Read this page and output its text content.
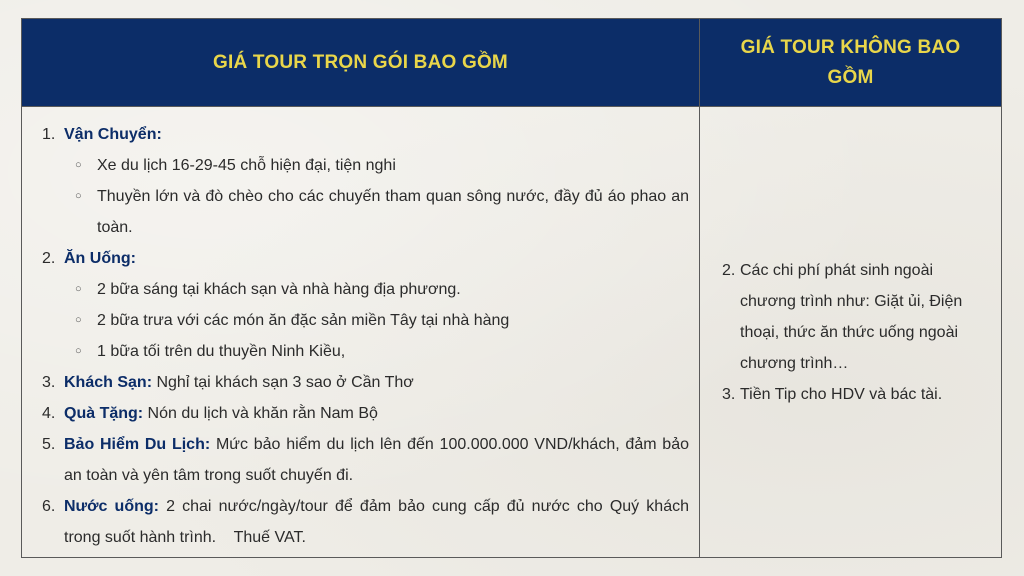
GIÁ TOUR TRỌN GÓI BAO GỒM
GIÁ TOUR KHÔNG BAO GỒM
1. Vận Chuyển:
○ Xe du lịch 16-29-45 chỗ hiện đại, tiện nghi
○ Thuyền lớn và đò chèo cho các chuyến tham quan sông nước, đầy đủ áo phao an toàn.
2. Ăn Uống:
○ 2 bữa sáng tại khách sạn và nhà hàng địa phương.
○ 2 bữa trưa với các món ăn đặc sản miền Tây tại nhà hàng
○ 1 bữa tối trên du thuyền Ninh Kiều,
3. Khách Sạn: Nghỉ tại khách sạn 3 sao ở Cần Thơ
4. Quà Tặng: Nón du lịch và khăn rằn Nam Bộ
5. Bảo Hiểm Du Lịch: Mức bảo hiểm du lịch lên đến 100.000.000 VND/khách, đảm bảo an toàn và yên tâm trong suốt chuyến đi.
6. Nước uống: 2 chai nước/ngày/tour để đảm bảo cung cấp đủ nước cho Quý khách trong suốt hành trình.    Thuế VAT.
2. Các chi phí phát sinh ngoài chương trình như: Giặt ủi, Điện thoại, thức ăn thức uống ngoài chương trình…
3. Tiền Tip cho HDV và bác tài.
